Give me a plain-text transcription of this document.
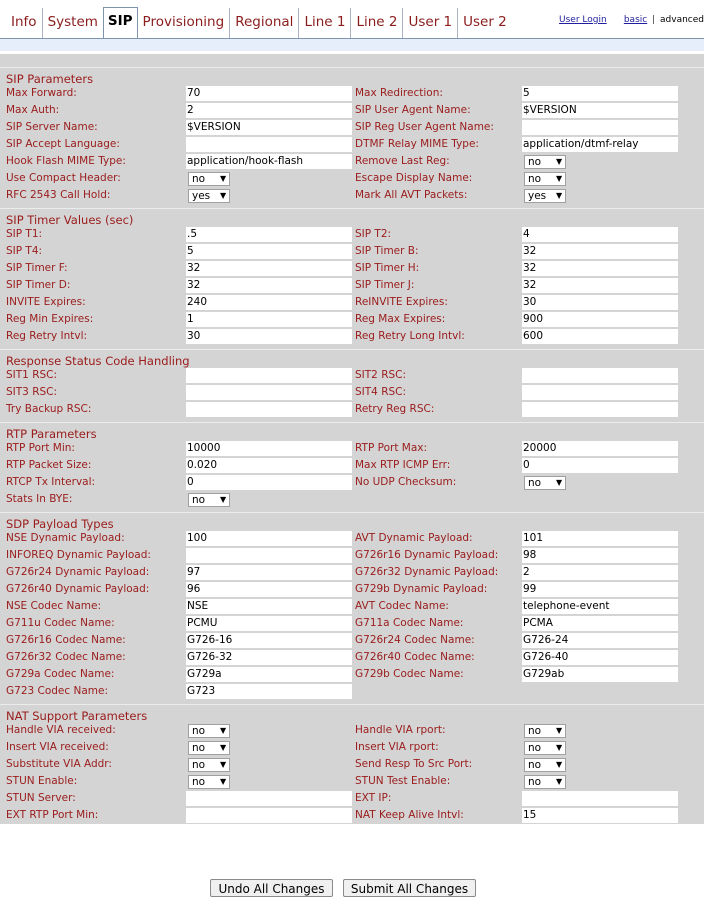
Info System SIP Provisioning Regional Line 1 Line 2 User 1 User 2	User Login basic | advanced
SIP Parameters
Max Forward:	70	Max Redirection:	5
Max Auth:	2	SIP User Agent Name:	$VERSION
SIP Server Name:	$VERSION	SIP Reg User Agent Name:
SIP Accept Language:	DTMF Relay MIME Type:	application/dtmf-relay
Hook Flash MIME Type:	application/hook-flash	Remove Last Reg:	no	▼
Use Compact Header:	no	▼	Escape Display Name:	no	▼
RFC 2543 Call Hold:	yes	▼	Mark All AVT Packets:	yes	▼
SIP Timer Values (sec)
SIP T1:	.5	SIP T2:	4
SIP T4:	5	SIP Timer B:	32
SIP Timer F:	32	SIP Timer H:	32
SIP Timer D:	32	SIP Timer J:	32
INVITE Expires:	240	ReINVITE Expires:	30
Reg Min Expires:	1	Reg Max Expires:	900
Reg Retry Intvl:	30	Reg Retry Long Intvl:	600
Response Status Code Handling
SIT1 RSC:	SIT2 RSC:
SIT3 RSC:	SIT4 RSC:
Try Backup RSC:	Retry Reg RSC:
RTP Parameters
RTP Port Min:	10000	RTP Port Max:	20000
RTP Packet Size:	0.020	Max RTP ICMP Err:	0
RTCP Tx Interval:	0	No UDP Checksum:	no	▼
Stats In BYE:	no	▼
SDP Payload Types
NSE Dynamic Payload:	100	AVT Dynamic Payload:	101
INFOREQ Dynamic Payload:	G726r16 Dynamic Payload:	98
G726r24 Dynamic Payload:	97	G726r32 Dynamic Payload:	2
G726r40 Dynamic Payload:	96	G729b Dynamic Payload:	99
NSE Codec Name:	NSE	AVT Codec Name:	telephone-event
G711u Codec Name:	PCMU	G711a Codec Name:	PCMA
G726r16 Codec Name:	G726-16	G726r24 Codec Name:	G726-24
G726r32 Codec Name:	G726-32	G726r40 Codec Name:	G726-40
G729a Codec Name:	G729a	G729b Codec Name:	G729ab
G723 Codec Name:	G723
NAT Support Parameters
Handle VIA received:	no	▼	Handle VIA rport:	no	▼
Insert VIA received:	no	▼	Insert VIA rport:	no	▼
Substitute VIA Addr:	no	▼	Send Resp To Src Port:	no	▼
STUN Enable:	no	▼	STUN Test Enable:	no	▼
STUN Server:	EXT IP:
EXT RTP Port Min:	NAT Keep Alive Intvl:	15
Undo All Changes	Submit All Changes
